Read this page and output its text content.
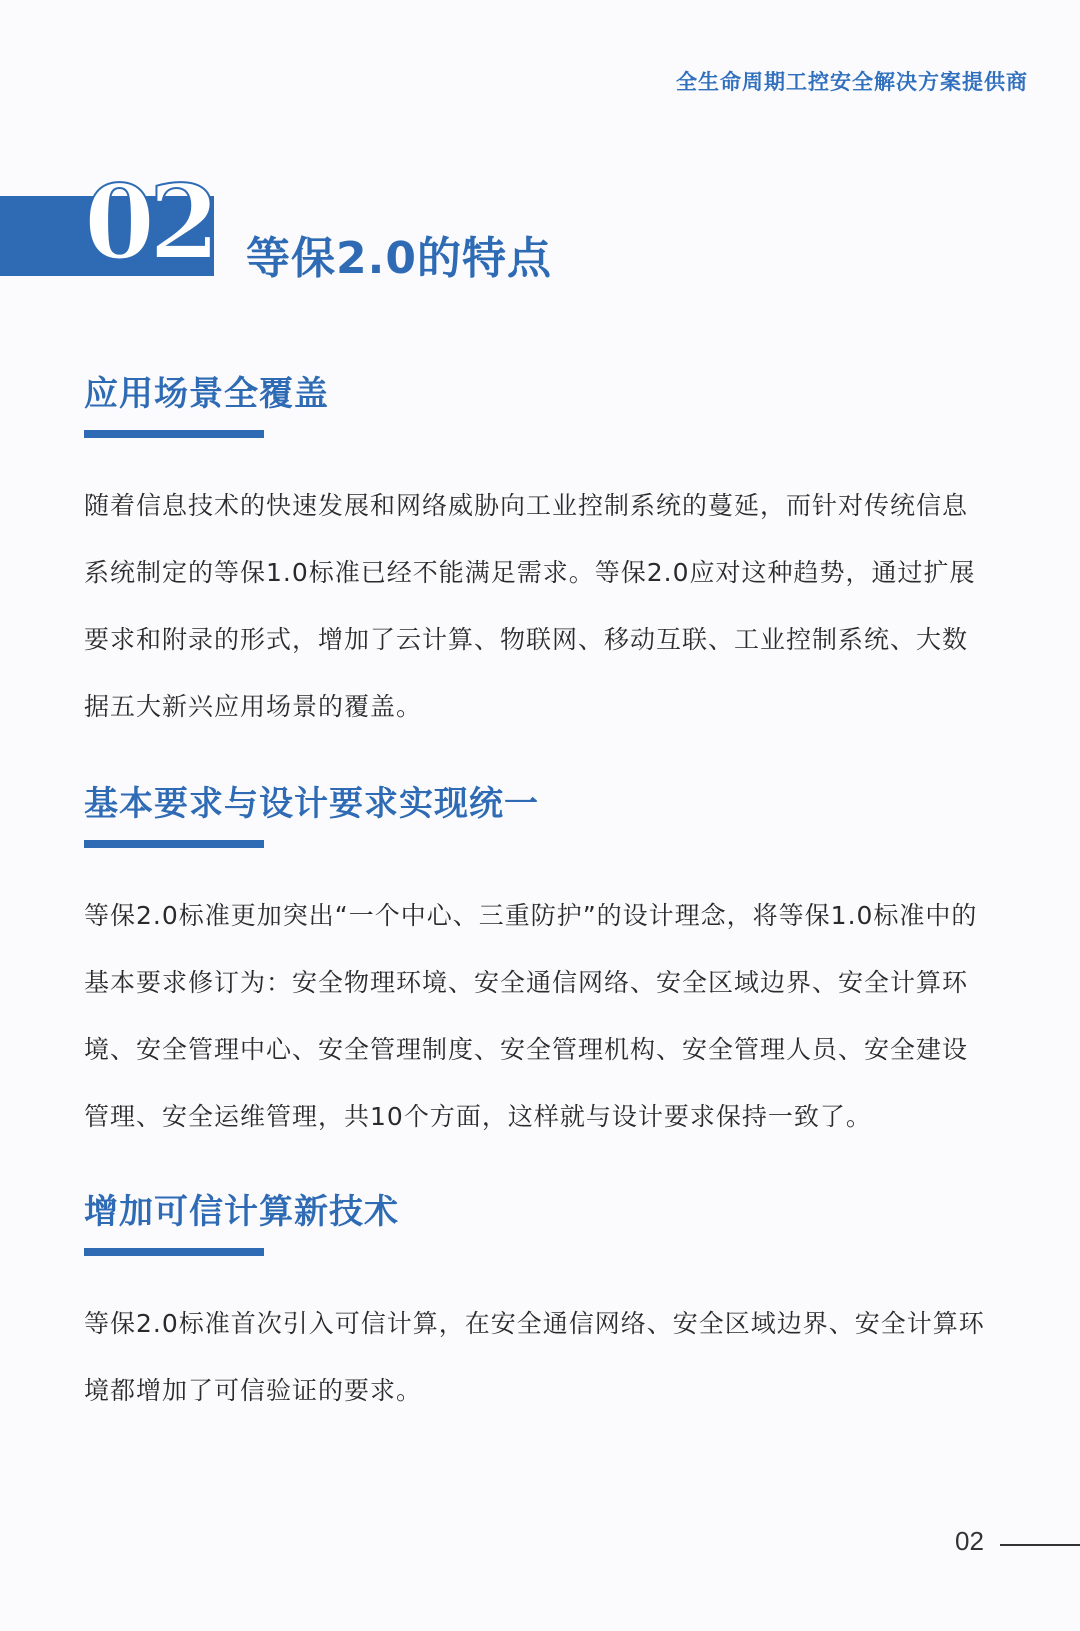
全生命周期工控安全解决方案提供商
02 等保2.0的特点
应用场景全覆盖
随着信息技术的快速发展和网络威胁向工业控制系统的蔓延，而针对传统信息系统制定的等保1.0标准已经不能满足需求。等保2.0应对这种趋势，通过扩展要求和附录的形式，增加了云计算、物联网、移动互联、工业控制系统、大数据五大新兴应用场景的覆盖。
基本要求与设计要求实现统一
等保2.0标准更加突出“一个中心、三重防护”的设计理念，将等保1.0标准中的基本要求修订为：安全物理环境、安全通信网络、安全区域边界、安全计算环境、安全管理中心、安全管理制度、安全管理机构、安全管理人员、安全建设管理、安全运维管理，共10个方面，这样就与设计要求保持一致了。
增加可信计算新技术
等保2.0标准首次引入可信计算，在安全通信网络、安全区域边界、安全计算环境都增加了可信验证的要求。
02
